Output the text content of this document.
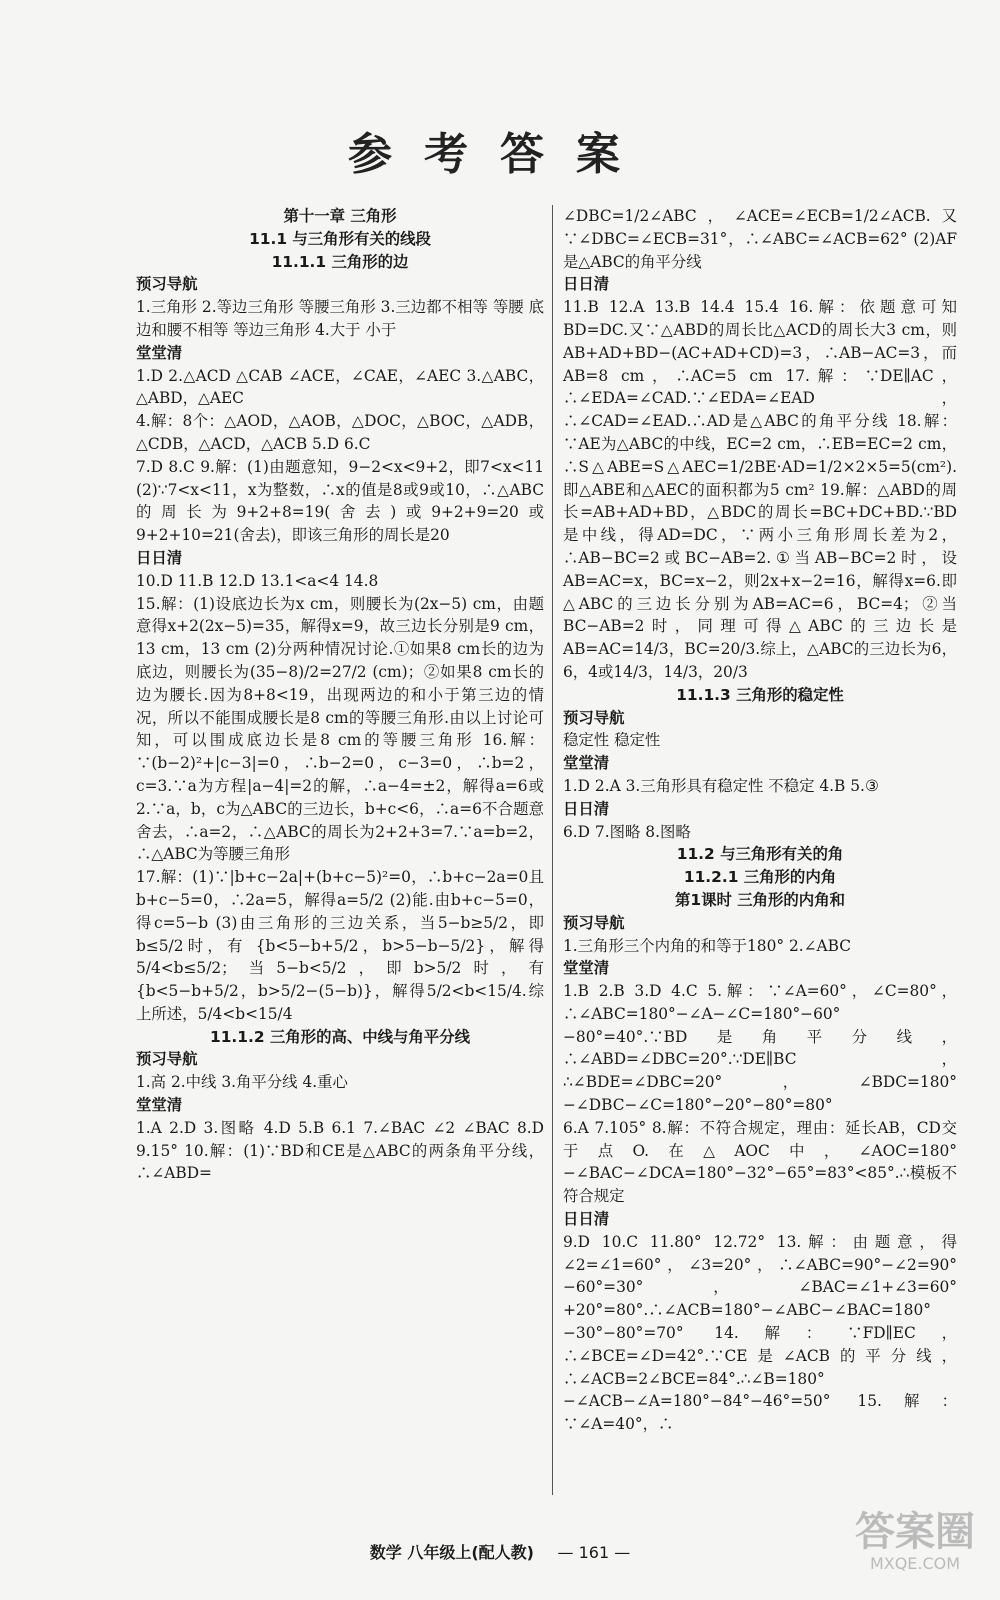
参考答案
第十一章 三角形
11.1 与三角形有关的线段
11.1.1 三角形的边
预习导航
1.三角形 2.等边三角形 等腰三角形 3.三边都不相等 等腰 底边和腰不相等 等边三角形 4.大于 小于
堂堂清
1.D 2.△ACD △CAB ∠ACE，∠CAE，∠AEC 3.△ABC，△ABD，△AEC
4.解：8个：△AOD，△AOB，△DOC，△BOC，△ADB，△CDB，△ACD，△ACB 5.D 6.C
7.D 8.C 9.解：(1)由题意知，9−2<x<9+2，即7<x<11 (2)∵7<x<11，x为整数，∴x的值是8或9或10，∴△ABC的周长为9+2+8=19(舍去)或9+2+9=20或9+2+10=21(舍去)，即该三角形的周长是20
日日清
10.D 11.B 12.D 13.1<a<4 14.8
15.解：(1)设底边长为x cm，则腰长为(2x−5) cm，由题意得x+2(2x−5)=35，解得x=9，故三边长分别是9 cm，13 cm，13 cm (2)分两种情况讨论.①如果8 cm长的边为底边，则腰长为(35−8)/2=27/2 (cm)；②如果8 cm长的边为腰长.因为8+8<19，出现两边的和小于第三边的情况，所以不能围成腰长是8 cm的等腰三角形.由以上讨论可知，可以围成底边长是8 cm的等腰三角形 16.解：∵(b−2)²+|c−3|=0，∴b−2=0，c−3=0，∴b=2，c=3.∵a为方程|a−4|=2的解，∴a−4=±2，解得a=6或2.∵a，b，c为△ABC的三边长，b+c<6，∴a=6不合题意舍去，∴a=2，∴△ABC的周长为2+2+3=7.∵a=b=2，∴△ABC为等腰三角形
17.解：(1)∵|b+c−2a|+(b+c−5)²=0，∴b+c−2a=0且b+c−5=0，∴2a=5，解得a=5/2 (2)能.由b+c−5=0，得c=5−b (3)由三角形的三边关系，当5−b≥5/2，即b≤5/2时，有 {b<5−b+5/2，b>5−b−5/2}，解得5/4<b≤5/2；当5−b<5/2，即b>5/2时，有 {b<5−b+5/2，b>5/2−(5−b)}，解得5/2<b<15/4.综上所述，5/4<b<15/4
11.1.2 三角形的高、中线与角平分线
预习导航
1.高 2.中线 3.角平分线 4.重心
堂堂清
1.A 2.D 3.图略 4.D 5.B 6.1 7.∠BAC ∠2 ∠BAC 8.D 9.15° 10.解：(1)∵BD和CE是△ABC的两条角平分线，∴∠ABD=
∠DBC=1/2∠ABC，∠ACE=∠ECB=1/2∠ACB.又∵∠DBC=∠ECB=31°，∴∠ABC=∠ACB=62° (2)AF是△ABC的角平分线
日日清
11.B 12.A 13.B 14.4 15.4 16.解：依题意可知BD=DC.又∵△ABD的周长比△ACD的周长大3 cm，则AB+AD+BD−(AC+AD+CD)=3，∴AB−AC=3，而AB=8 cm，∴AC=5 cm 17.解：∵DE∥AC，∴∠EDA=∠CAD.∵∠EDA=∠EAD，∴∠CAD=∠EAD.∴AD是△ABC的角平分线 18.解：∵AE为△ABC的中线，EC=2 cm，∴EB=EC=2 cm，∴S△ABE=S△AEC=1/2BE·AD=1/2×2×5=5(cm²).即△ABE和△AEC的面积都为5 cm² 19.解：△ABD的周长=AB+AD+BD，△BDC的周长=BC+DC+BD.∵BD是中线，得AD=DC，∵两小三角形周长差为2，∴AB−BC=2或BC−AB=2.①当AB−BC=2时，设AB=AC=x，BC=x−2，则2x+x−2=16，解得x=6.即△ABC的三边长分别为AB=AC=6，BC=4；②当BC−AB=2时，同理可得△ABC的三边长是AB=AC=14/3，BC=20/3.综上，△ABC的三边长为6，6，4或14/3，14/3，20/3
11.1.3 三角形的稳定性
预习导航
稳定性 稳定性
堂堂清
1.D 2.A 3.三角形具有稳定性 不稳定 4.B 5.③
日日清
6.D 7.图略 8.图略
11.2 与三角形有关的角
11.2.1 三角形的内角
第1课时 三角形的内角和
预习导航
1.三角形三个内角的和等于180° 2.∠ABC
堂堂清
1.B 2.B 3.D 4.C 5.解：∵∠A=60°，∠C=80°，∴∠ABC=180°−∠A−∠C=180°−60°−80°=40°.∵BD是角平分线，∴∠ABD=∠DBC=20°.∵DE∥BC，∴∠BDE=∠DBC=20°，∠BDC=180°−∠DBC−∠C=180°−20°−80°=80°
6.A 7.105° 8.解：不符合规定，理由：延长AB，CD交于点O.在△AOC中，∠AOC=180°−∠BAC−∠DCA=180°−32°−65°=83°<85°.∴模板不符合规定
日日清
9.D 10.C 11.80° 12.72° 13.解：由题意，得∠2=∠1=60°，∠3=20°，∴∠ABC=90°−∠2=90°−60°=30°，∠BAC=∠1+∠3=60°+20°=80°.∴∠ACB=180°−∠ABC−∠BAC=180°−30°−80°=70° 14.解：∵FD∥EC，∴∠BCE=∠D=42°.∵CE是∠ACB的平分线，∴∠ACB=2∠BCE=84°.∴∠B=180°−∠ACB−∠A=180°−84°−46°=50° 15.解：∵∠A=40°，∴
数学 八年级上(配人教) — 161 —	答案圈
MXQE.COM
